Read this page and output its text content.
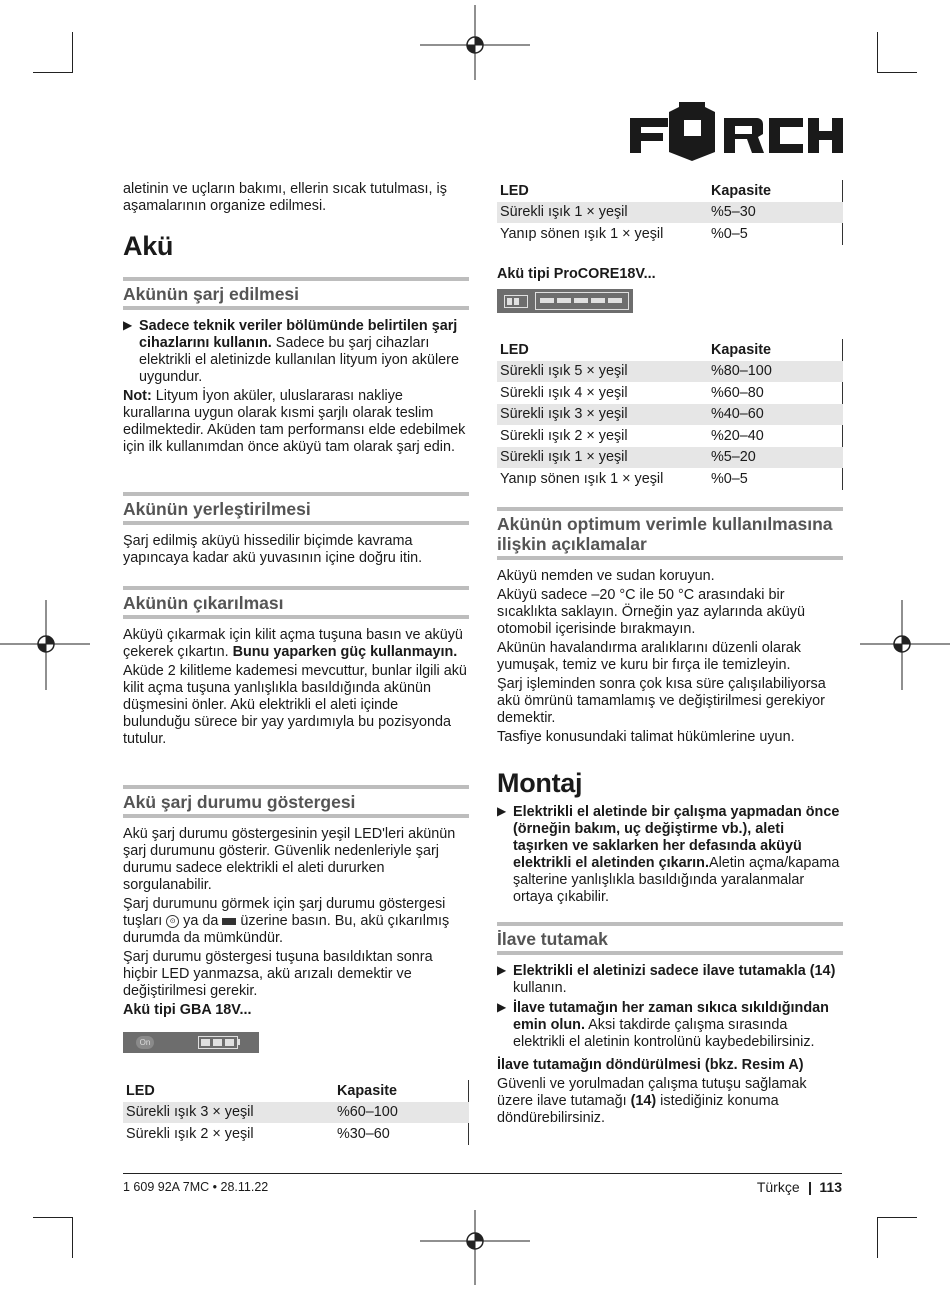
FÖRCH

aletinin ve uçların bakımı, ellerin sıcak tutulması, iş aşamalarının organize edilmesi.

Akü
Akünün şarj edilmesi
▶ Sadece teknik veriler bölümünde belirtilen şarj cihazlarını kullanın. Sadece bu şarj cihazları elektrikli el aletinizde kullanılan lityum iyon akülere uygundur.

Not: Lityum İyon aküler, uluslararası nakliye kurallarına uygun olarak kısmi şarjlı olarak teslim edilmektedir. Aküden tam performansı elde edebilmek için ilk kullanımdan önce aküyü tam olarak şarj edin.

Akünün yerleştirilmesi

Şarj edilmiş aküyü hissedilir biçimde kavrama yapıncaya kadar akü yuvasının içine doğru itin.

Akünün çıkarılması

Aküyü çıkarmak için kilit açma tuşuna basın ve aküyü çekerek çıkartın. Bunu yaparken güç kullanmayın.

Aküde 2 kilitleme kademesi mevcuttur, bunlar ilgili akü kilit açma tuşuna yanlışlıkla basıldığında akünün düşmesini önler. Akü elektrikli el aleti içinde bulunduğu sürece bir yay yardımıyla bu pozisyonda tutulur.

Akü şarj durumu göstergesi

Akü şarj durumu göstergesinin yeşil LED'leri akünün şarj durumunu gösterir. Güvenlik nedenleriyle şarj durumu sadece elektrikli el aleti dururken sorgulanabilir.

Şarj durumunu görmek için şarj durumu göstergesi tuşları ⊙ ya da  üzerine basın. Bu, akü çıkarılmış durumda da mümkündür.

Şarj durumu göstergesi tuşuna basıldıktan sonra hiçbir LED yanmazsa, akü arızalı demektir ve değiştirilmesi gerekir.

Akü tipi GBA 18V...

On
LED	Kapasite
Sürekli ışık 3 × yeşil	%60–100
Sürekli ışık 2 × yeşil	%30–60
LED	Kapasite
Sürekli ışık 1 × yeşil	%5–30
Yanıp sönen ışık 1 × yeşil	%0–5

Akü tipi ProCORE18V...

LED	Kapasite
Sürekli ışık 5 × yeşil	%80–100
Sürekli ışık 4 × yeşil	%60–80
Sürekli ışık 3 × yeşil	%40–60
Sürekli ışık 2 × yeşil	%20–40
Sürekli ışık 1 × yeşil	%5–20
Yanıp sönen ışık 1 × yeşil	%0–5
Akünün optimum verimle kullanılmasına ilişkin açıklamalar

Aküyü nemden ve sudan koruyun.

Aküyü sadece –20 °C ile 50 °C arasındaki bir sıcaklıkta saklayın. Örneğin yaz aylarında aküyü otomobil içerisinde bırakmayın.

Akünün havalandırma aralıklarını düzenli olarak yumuşak, temiz ve kuru bir fırça ile temizleyin.

Şarj işleminden sonra çok kısa süre çalışılabiliyorsa akü ömrünü tamamlamış ve değiştirilmesi gerekiyor demektir.

Tasfiye konusundaki talimat hükümlerine uyun.

Montaj
▶ Elektrikli el aletinde bir çalışma yapmadan önce (örneğin bakım, uç değiştirme vb.), aleti taşırken ve saklarken her defasında aküyü elektrikli el aletinden çıkarın.Aletin açma/kapama şalterine yanlışlıkla basıldığında yaralanmalar ortaya çıkabilir.

İlave tutamak
▶ Elektrikli el aletinizi sadece ilave tutamakla (14) kullanın.

▶ İlave tutamağın her zaman sıkıca sıkıldığından emin olun. Aksi takdirde çalışma sırasında elektrikli el aletinin kontrolünü kaybedebilirsiniz.

İlave tutamağın döndürülmesi (bkz. Resim A)

Güvenli ve yorulmadan çalışma tutuşu sağlamak üzere ilave tutamağı (14) istediğiniz konuma döndürebilirsiniz.

1 609 92A 7MC • 28.11.22	Türkçe 113
